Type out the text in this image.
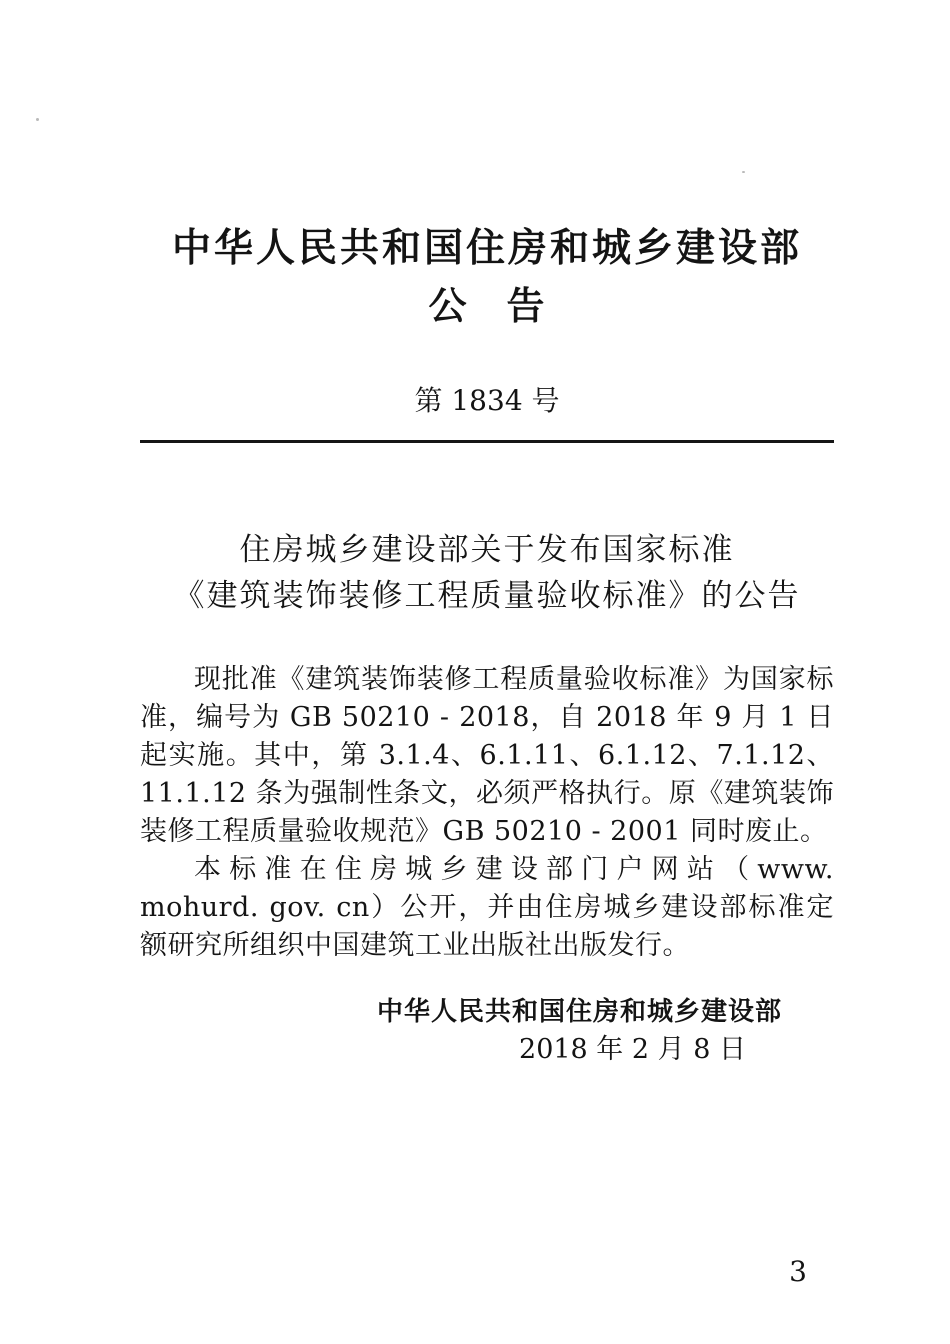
中华人民共和国住房和城乡建设部
公　告
第 1834 号
住房城乡建设部关于发布国家标准
《建筑装饰装修工程质量验收标准》的公告

现批准《建筑装饰装修工程质量验收标准》为国家标准，编号为 GB 50210 - 2018，自 2018 年 9 月 1 日起实施。其中，第 3.1.4、6.1.11、6.1.12、7.1.12、11.1.12 条为强制性条文，必须严格执行。原《建筑装饰装修工程质量验收规范》GB 50210 - 2001 同时废止。

本标准在住房城乡建设部门户网站（www. mohurd. gov. cn）公开，并由住房城乡建设部标准定额研究所组织中国建筑工业出版社出版发行。

中华人民共和国住房和城乡建设部
2018 年 2 月 8 日
3
